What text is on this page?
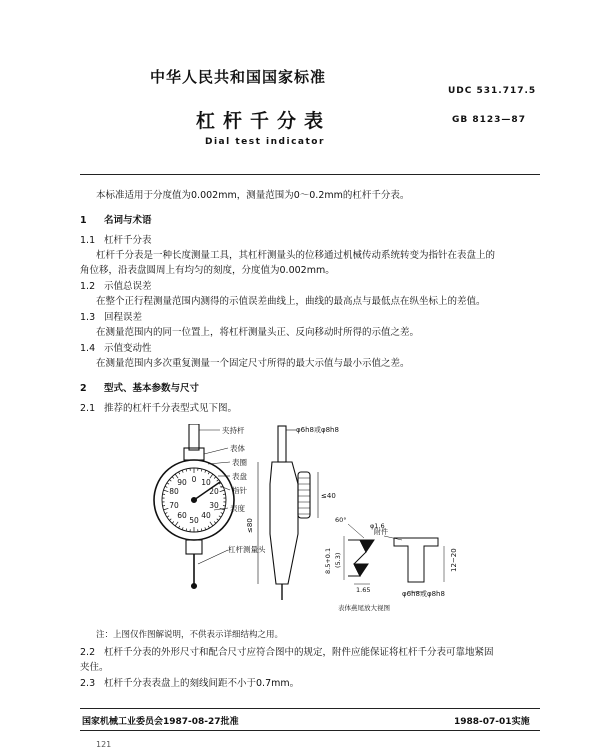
中华人民共和国国家标准
UDC 531.717.5
杠杆千分表	GB 8123—87
Dial test indicator
本标准适用于分度值为0.002mm，测量范围为0～0.2mm的杠杆千分表。
1 名词与术语
1.1 杠杆千分表
杠杆千分表是一种长度测量工具，其杠杆测量头的位移通过机械传动系统转变为指针在表盘上的
角位移，沿表盘圆周上有均匀的刻度，分度值为0.002mm。
1.2 示值总误差
在整个正行程测量范围内测得的示值误差曲线上，曲线的最高点与最低点在纵坐标上的差值。
1.3 回程误差
在测量范围内的同一位置上，将杠杆测量头正、反向移动时所得的示值之差。
1.4 示值变动性
在测量范围内多次重复测量一个固定尺寸所得的最大示值与最小示值之差。
2 型式、基本参数与尺寸
2.1 推荐的杠杆千分表型式见下图。
0 10
20
30
40
50
60
70
80
90
夹持杆
表体
表圈
表盘
指针
表度
杠杆测量头
φ6h8或φ8h8
≤40
≤80	60°
φ1.6
8.5+0.1 (5.3)
1.65
表体燕尾放大视图
附件
12~20
φ6h8或φ8h8
注：上图仅作图解说明，不供表示详细结构之用。
2.2 杠杆千分表的外形尺寸和配合尺寸应符合图中的规定，附件应能保证将杠杆千分表可靠地紧固
夹住。
2.3 杠杆千分表表盘上的刻线间距不小于0.7mm。
国家机械工业委员会1987-08-27批准	1988-07-01实施
121
